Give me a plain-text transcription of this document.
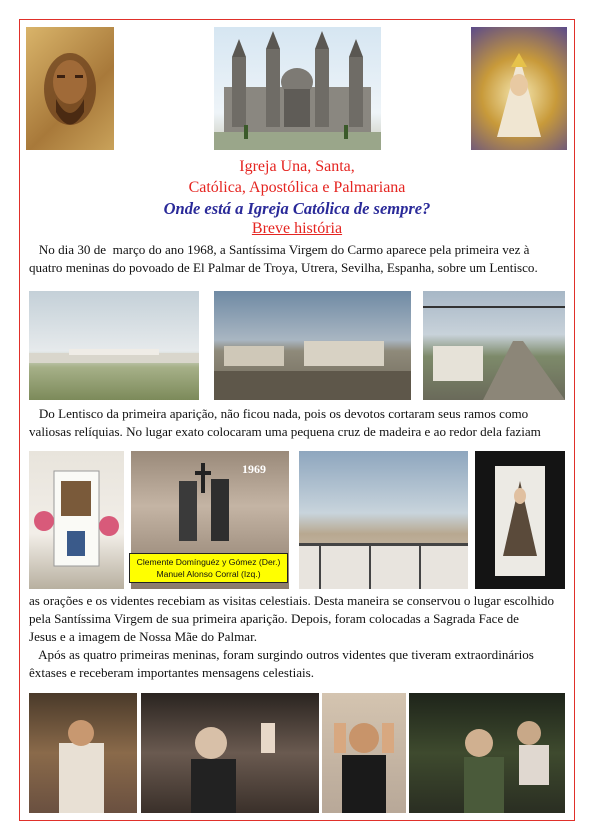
Igreja Una, Santa,
Católica, Apostólica e Palmariana
Onde está a Igreja Católica de sempre?
Breve história
No dia 30 de  março do ano 1968, a Santíssima Virgem do Carmo aparece pela primeira vez à
quatro meninas do povoado de El Palmar de Troya, Utrera, Sevilha, Espanha, sobre um Lentisco.
Do Lentisco da primeira aparição, não ficou nada, pois os devotos cortaram seus ramos como
valiosas relíquias. No lugar exato colocaram uma pequena cruz de madeira e ao redor dela faziam
1969
Clemente Domínguéz y Gómez (Der.)
Manuel Alonso Corral (Izq.)
as orações e os videntes recebiam as visitas celestiais. Desta maneira se conservou o lugar escolhido
pela Santíssima Virgem de sua primeira aparição. Depois, foram colocadas a Sagrada Face de
Jesus e a imagem de Nossa Mãe do Palmar.
Após as quatro primeiras meninas, foram surgindo outros videntes que tiveram extraordinários
êxtases e receberam importantes mensagens celestiais.
